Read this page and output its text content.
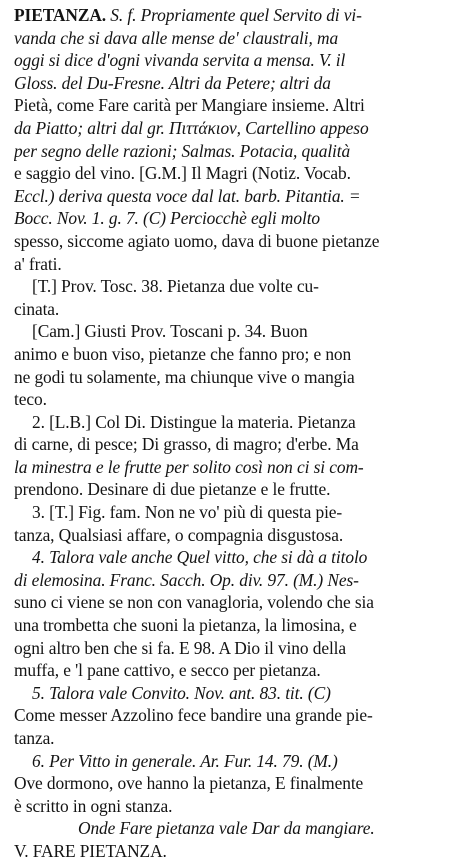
PIETANZA. S. f. Propriamente quel Servito di vi-
vanda che si dava alle mense de' claustrali, ma
oggi si dice d'ogni vivanda servita a mensa. V. il
Gloss. del Du-Fresne. Altri da Petere; altri da
Pietà, come Fare carità per Mangiare insieme. Altri
da Piatto; altri dal gr. Πιττάκιον, Cartellino appeso
per segno delle razioni; Salmas. Potacia, qualità
e saggio del vino. [G.M.] Il Magri (Notiz. Vocab.
Eccl.) deriva questa voce dal lat. barb. Pitantia. =
Bocc. Nov. 1. g. 7. (C) Perciocchè egli molto
spesso, siccome agiato uomo, dava di buone pietanze
a' frati.
[T.] Prov. Tosc. 38. Pietanza due volte cu-
cinata.
[Cam.] Giusti Prov. Toscani p. 34. Buon
animo e buon viso, pietanze che fanno pro; e non
ne godi tu solamente, ma chiunque vive o mangia
teco.
2. [L.B.] Col Di. Distingue la materia. Pietanza
di carne, di pesce; Di grasso, di magro; d'erbe. Ma
la minestra e le frutte per solito così non ci si com-
prendono. Desinare di due pietanze e le frutte.
3. [T.] Fig. fam. Non ne vo' più di questa pie-
tanza, Qualsiasi affare, o compagnia disgustosa.
4. Talora vale anche Quel vitto, che si dà a titolo
di elemosina. Franc. Sacch. Op. div. 97. (M.) Nes-
suno ci viene se non con vanagloria, volendo che sia
una trombetta che suoni la pietanza, la limosina, e
ogni altro ben che si fa. E 98. A Dio il vino della
muffa, e 'l pane cattivo, e secco per pietanza.
5. Talora vale Convito. Nov. ant. 83. tit. (C)
Come messer Azzolino fece bandire una grande pie-
tanza.
6. Per Vitto in generale. Ar. Fur. 14. 79. (M.)
Ove dormono, ove hanno la pietanza, E finalmente
è scritto in ogni stanza.
Onde Fare pietanza vale Dar da mangiare.
V. FARE PIETANZA.
